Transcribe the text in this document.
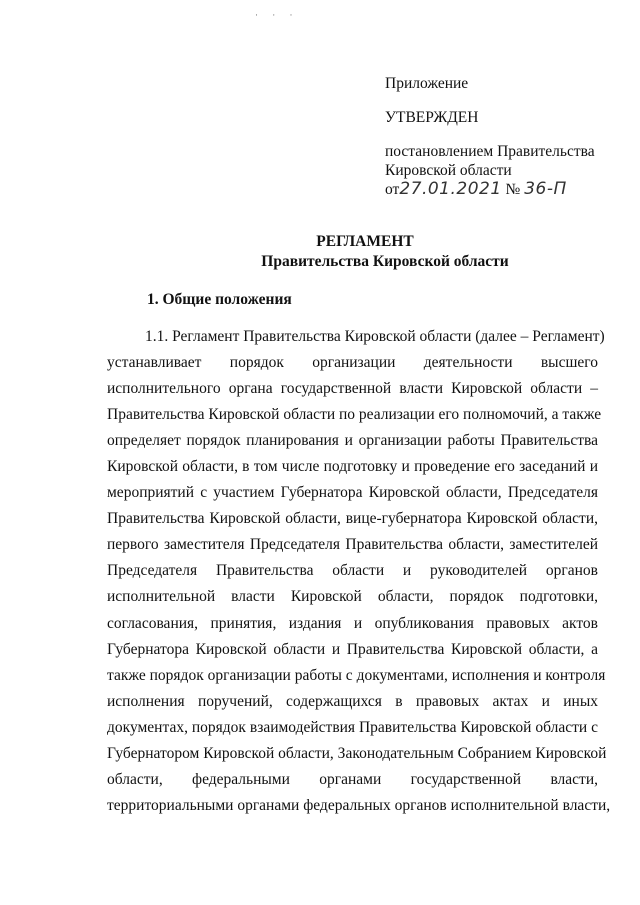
· · ·
Приложение
УТВЕРЖДЕН
постановлением Правительства
Кировской области
от27.01.2021 № 36-П
РЕГЛАМЕНТ
Правительства Кировской области
1. Общие положения
1.1. Регламент Правительства Кировской области (далее – Регламент)
устанавливает порядок организации деятельности высшего
исполнительного органа государственной власти Кировской области –
Правительства Кировской области по реализации его полномочий, а также
определяет порядок планирования и организации работы Правительства
Кировской области, в том числе подготовку и проведение его заседаний и
мероприятий с участием Губернатора Кировской области, Председателя
Правительства Кировской области, вице-губернатора Кировской области,
первого заместителя Председателя Правительства области, заместителей
Председателя Правительства области и руководителей органов
исполнительной власти Кировской области, порядок подготовки,
согласования, принятия, издания и опубликования правовых актов
Губернатора Кировской области и Правительства Кировской области, а
также порядок организации работы с документами, исполнения и контроля
исполнения поручений, содержащихся в правовых актах и иных
документах, порядок взаимодействия Правительства Кировской области с
Губернатором Кировской области, Законодательным Собранием Кировской
области, федеральными органами государственной власти,
территориальными органами федеральных органов исполнительной власти,
